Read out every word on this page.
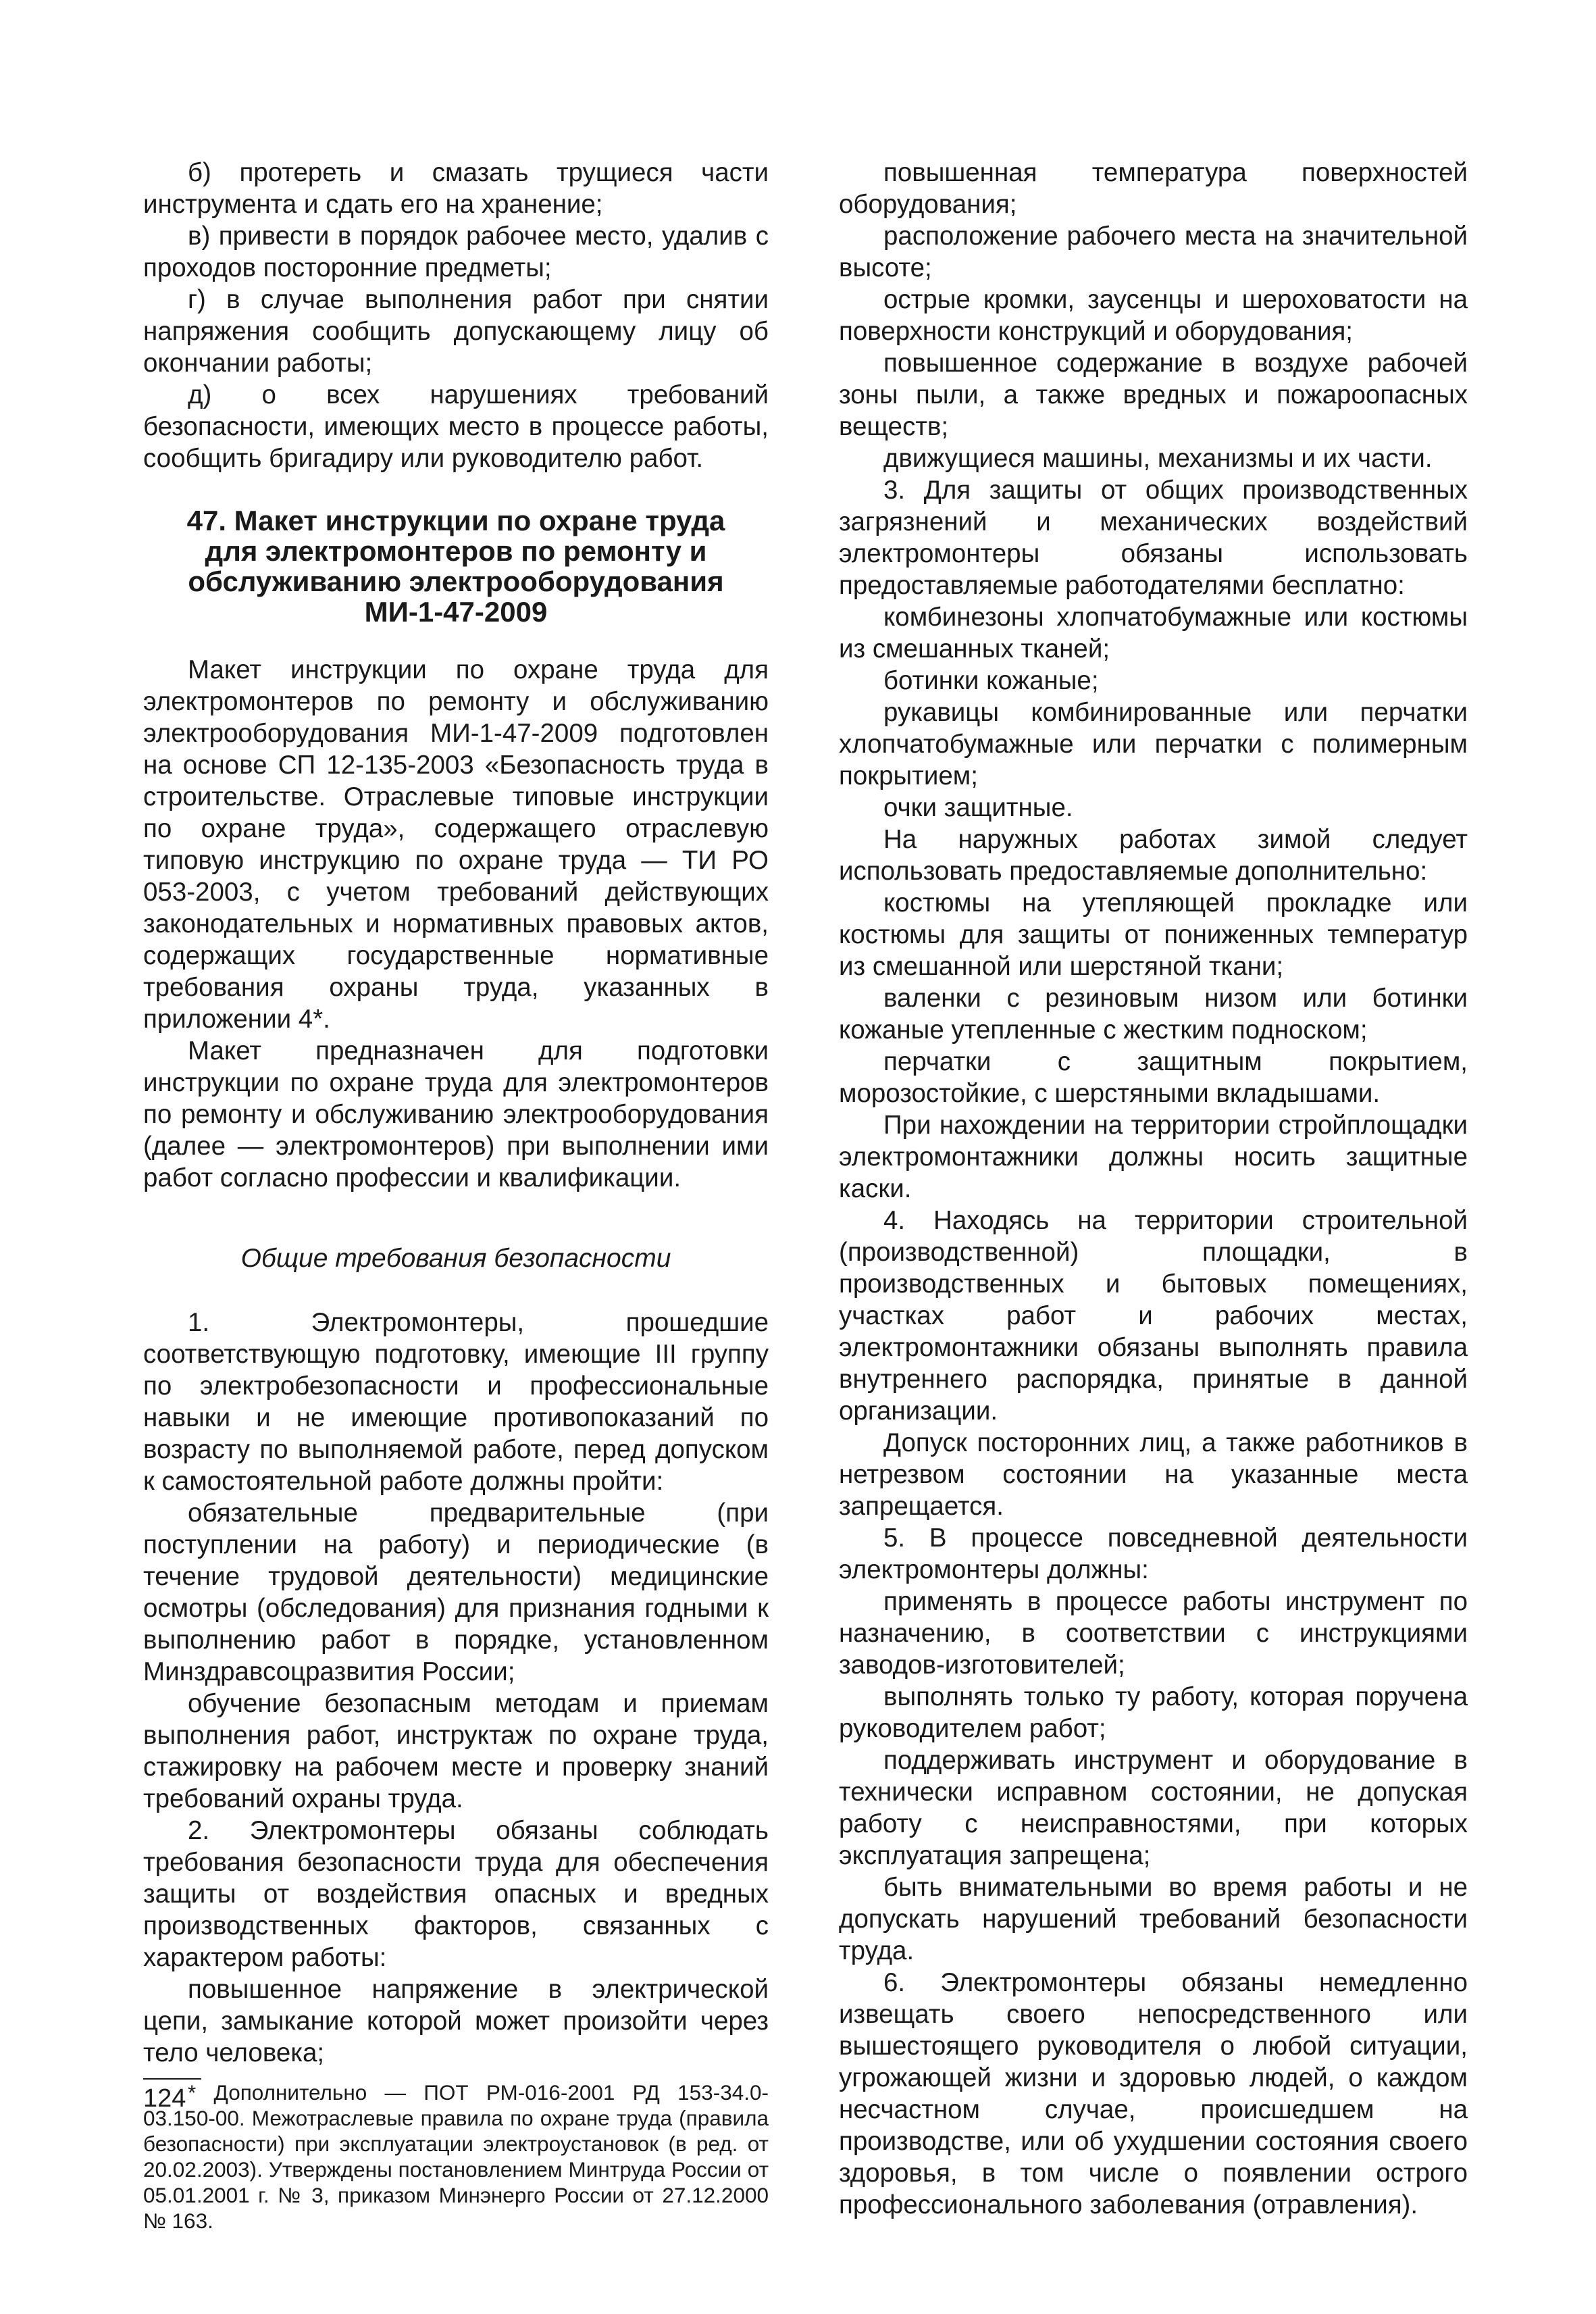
б) протереть и смазать трущиеся части инструмента и сдать его на хранение;

в) привести в порядок рабочее место, удалив с проходов посторонние предметы;

г) в случае выполнения работ при снятии напряжения сообщить допускающему лицу об окончании работы;

д) о всех нарушениях требований безопасности, имеющих место в процессе работы, сообщить бригадиру или руководителю работ.

47. Макет инструкции по охране труда
для электромонтеров по ремонту и
обслуживанию электрооборудования
МИ-1-47-2009

Макет инструкции по охране труда для электромонтеров по ремонту и обслуживанию электрооборудования МИ-1-47-2009 подготовлен на основе СП 12-135-2003 «Безопасность труда в строительстве. Отраслевые типовые инструкции по охране труда», содержащего отраслевую типовую инструкцию по охране труда — ТИ РО 053-2003, с учетом требований действующих законодательных и нормативных правовых актов, содержащих государственные нормативные требования охраны труда, указанных в приложении 4*.

Макет предназначен для подготовки инструкции по охране труда для электромонтеров по ремонту и обслуживанию электрооборудования (далее — электромонтеров) при выполнении ими работ согласно профессии и квалификации.

Общие требования безопасности

1. Электромонтеры, прошедшие соответствующую подготовку, имеющие III группу по электробезопасности и профессиональные навыки и не имеющие противопоказаний по возрасту по выполняемой работе, перед допуском к самостоятельной работе должны пройти:

обязательные предварительные (при поступлении на работу) и периодические (в течение трудовой деятельности) медицинские осмотры (обследования) для признания годными к выполнению работ в порядке, установленном Минздравсоцразвития России;

обучение безопасным методам и приемам выполнения работ, инструктаж по охране труда, стажировку на рабочем месте и проверку знаний требований охраны труда.

2. Электромонтеры обязаны соблюдать требования безопасности труда для обеспечения защиты от воздействия опасных и вредных производственных факторов, связанных с характером работы:

повышенное напряжение в электрической цепи, замыкание которой может произойти через тело человека;

* Дополнительно — ПОТ РМ-016-2001 РД 153-34.0-03.150-00. Межотраслевые правила по охране труда (правила безопасности) при эксплуатации электроустановок (в ред. от 20.02.2003). Утверждены постановлением Минтруда России от 05.01.2001 г. № 3, приказом Минэнерго России от 27.12.2000 № 163.

повышенная температура поверхностей оборудования;

расположение рабочего места на значительной высоте;

острые кромки, заусенцы и шероховатости на поверхности конструкций и оборудования;

повышенное содержание в воздухе рабочей зоны пыли, а также вредных и пожароопасных веществ;

движущиеся машины, механизмы и их части.

3. Для защиты от общих производственных загрязнений и механических воздействий электромонтеры обязаны использовать предоставляемые работодателями бесплатно:

комбинезоны хлопчатобумажные или костюмы из смешанных тканей;

ботинки кожаные;

рукавицы комбинированные или перчатки хлопчатобумажные или перчатки с полимерным покрытием;

очки защитные.

На наружных работах зимой следует использовать предоставляемые дополнительно:

костюмы на утепляющей прокладке или костюмы для защиты от пониженных температур из смешанной или шерстяной ткани;

валенки с резиновым низом или ботинки кожаные утепленные с жестким подноском;

перчатки с защитным покрытием, морозостойкие, с шерстяными вкладышами.

При нахождении на территории стройплощадки электромонтажники должны носить защитные каски.

4. Находясь на территории строительной (производственной) площадки, в производственных и бытовых помещениях, участках работ и рабочих местах, электромонтажники обязаны выполнять правила внутреннего распорядка, принятые в данной организации.

Допуск посторонних лиц, а также работников в нетрезвом состоянии на указанные места запрещается.

5. В процессе повседневной деятельности электромонтеры должны:

применять в процессе работы инструмент по назначению, в соответствии с инструкциями заводов-изготовителей;

выполнять только ту работу, которая поручена руководителем работ;

поддерживать инструмент и оборудование в технически исправном состоянии, не допуская работу с неисправностями, при которых эксплуатация запрещена;

быть внимательными во время работы и не допускать нарушений требований безопасности труда.

6. Электромонтеры обязаны немедленно извещать своего непосредственного или вышестоящего руководителя о любой ситуации, угрожающей жизни и здоровью людей, о каждом несчастном случае, происшедшем на производстве, или об ухудшении состояния своего здоровья, в том числе о появлении острого профессионального заболевания (отравления).

124
